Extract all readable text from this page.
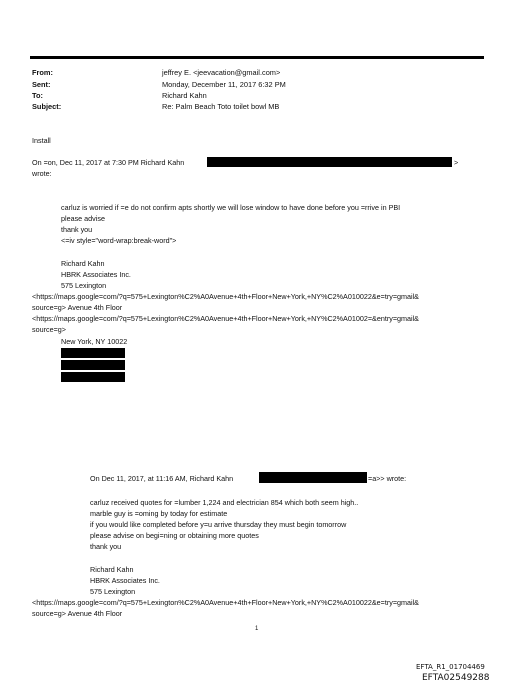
From:	jeffrey E. <jeevacation@gmail.com>
Sent:	Monday, December 11, 2017 6:32 PM
To:	Richard Kahn
Subject:	Re: Palm Beach Toto toilet bowl MB
Install
On =on, Dec 11, 2017 at 7:30 PM Richard Kahn	>
wrote:
carluz is worried if =e do not confirm apts shortly we will lose window to have done before you =rrive in PBI
please advise
thank you
<=iv style="word-wrap:break-word">
Richard Kahn
HBRK Associates Inc.
575 Lexington
<https://maps.google=com/?q=575+Lexington%C2%A0Avenue+4th+Floor+New+York,+NY%C2%A010022&e=try=gmail&
source=g> Avenue 4th Floor
<https://maps.google=com/?q=575+Lexington%C2%A0Avenue+4th+Floor+New+York,+NY%C2%A01002=&entry=gmail&
source=g>
New York, NY 10022
On Dec 11, 2017, at 11:16 AM, Richard Kahn	=a>> wrote:
carluz received quotes for =lumber 1,224 and electrician 854 which both seem high..
marble guy is =oming by today for estimate
if you would like completed before y=u arrive thursday they must begin tomorrow
please advise on begi=ning or obtaining more quotes
thank you
Richard Kahn
HBRK Associates Inc.
575 Lexington
<https://maps.google=com/?q=575+Lexington%C2%A0Avenue+4th+Floor+New+York,+NY%C2%A010022&e=try=gmail&
source=g> Avenue 4th Floor
1
EFTA_R1_01704469
EFTA02549288
